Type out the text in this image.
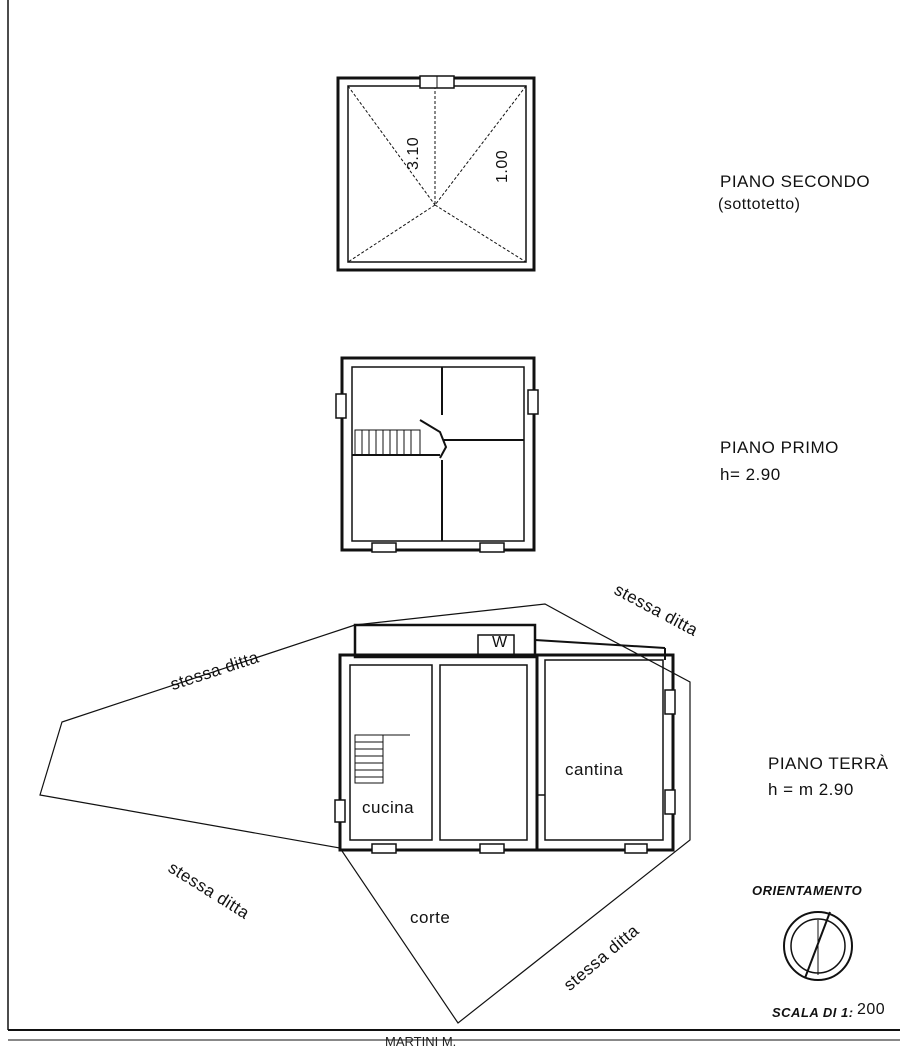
PIANO SECONDO
(sottotetto)
3.10	1.00
PIANO PRIMO
h= 2.90
PIANO TERRÀ
h = m 2.90
cucina
cantina
W
corte
stessa ditta
stessa ditta
stessa ditta
stessa ditta
ORIENTAMENTO
SCALA DI 1: 200
MARTINI M.
